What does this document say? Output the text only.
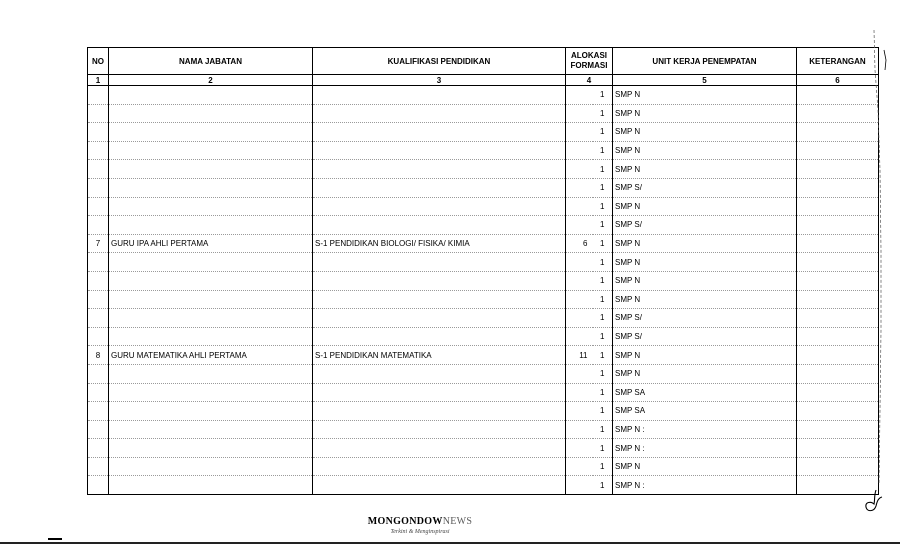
NO	NAMA JABATAN	KUALIFIKASI PENDIDIKAN	ALOKASI
FORMASI		UNIT KERJA PENEMPATAN	KETERANGAN
1	2	3	4		5	6
				1	SMP N	
				1	SMP N	
				1	SMP N	
				1	SMP N	
				1	SMP N	
				1	SMP S/	
				1	SMP N	
				1	SMP S/	
7	GURU IPA AHLI PERTAMA	S-1 PENDIDIKAN BIOLOGI/ FISIKA/ KIMIA	6	1	SMP N	
				1	SMP N	
				1	SMP N	
				1	SMP N	
				1	SMP S/	
				1	SMP S/	
8	GURU MATEMATIKA AHLI PERTAMA	S-1 PENDIDIKAN MATEMATIKA	11	1	SMP N	
				1	SMP N	
				1	SMP SA	
				1	SMP SA	
				1	SMP N :	
				1	SMP N :	
				1	SMP N	
				1	SMP N :	
MONGONDOWNEWS
Terkini & Menginspirasi
